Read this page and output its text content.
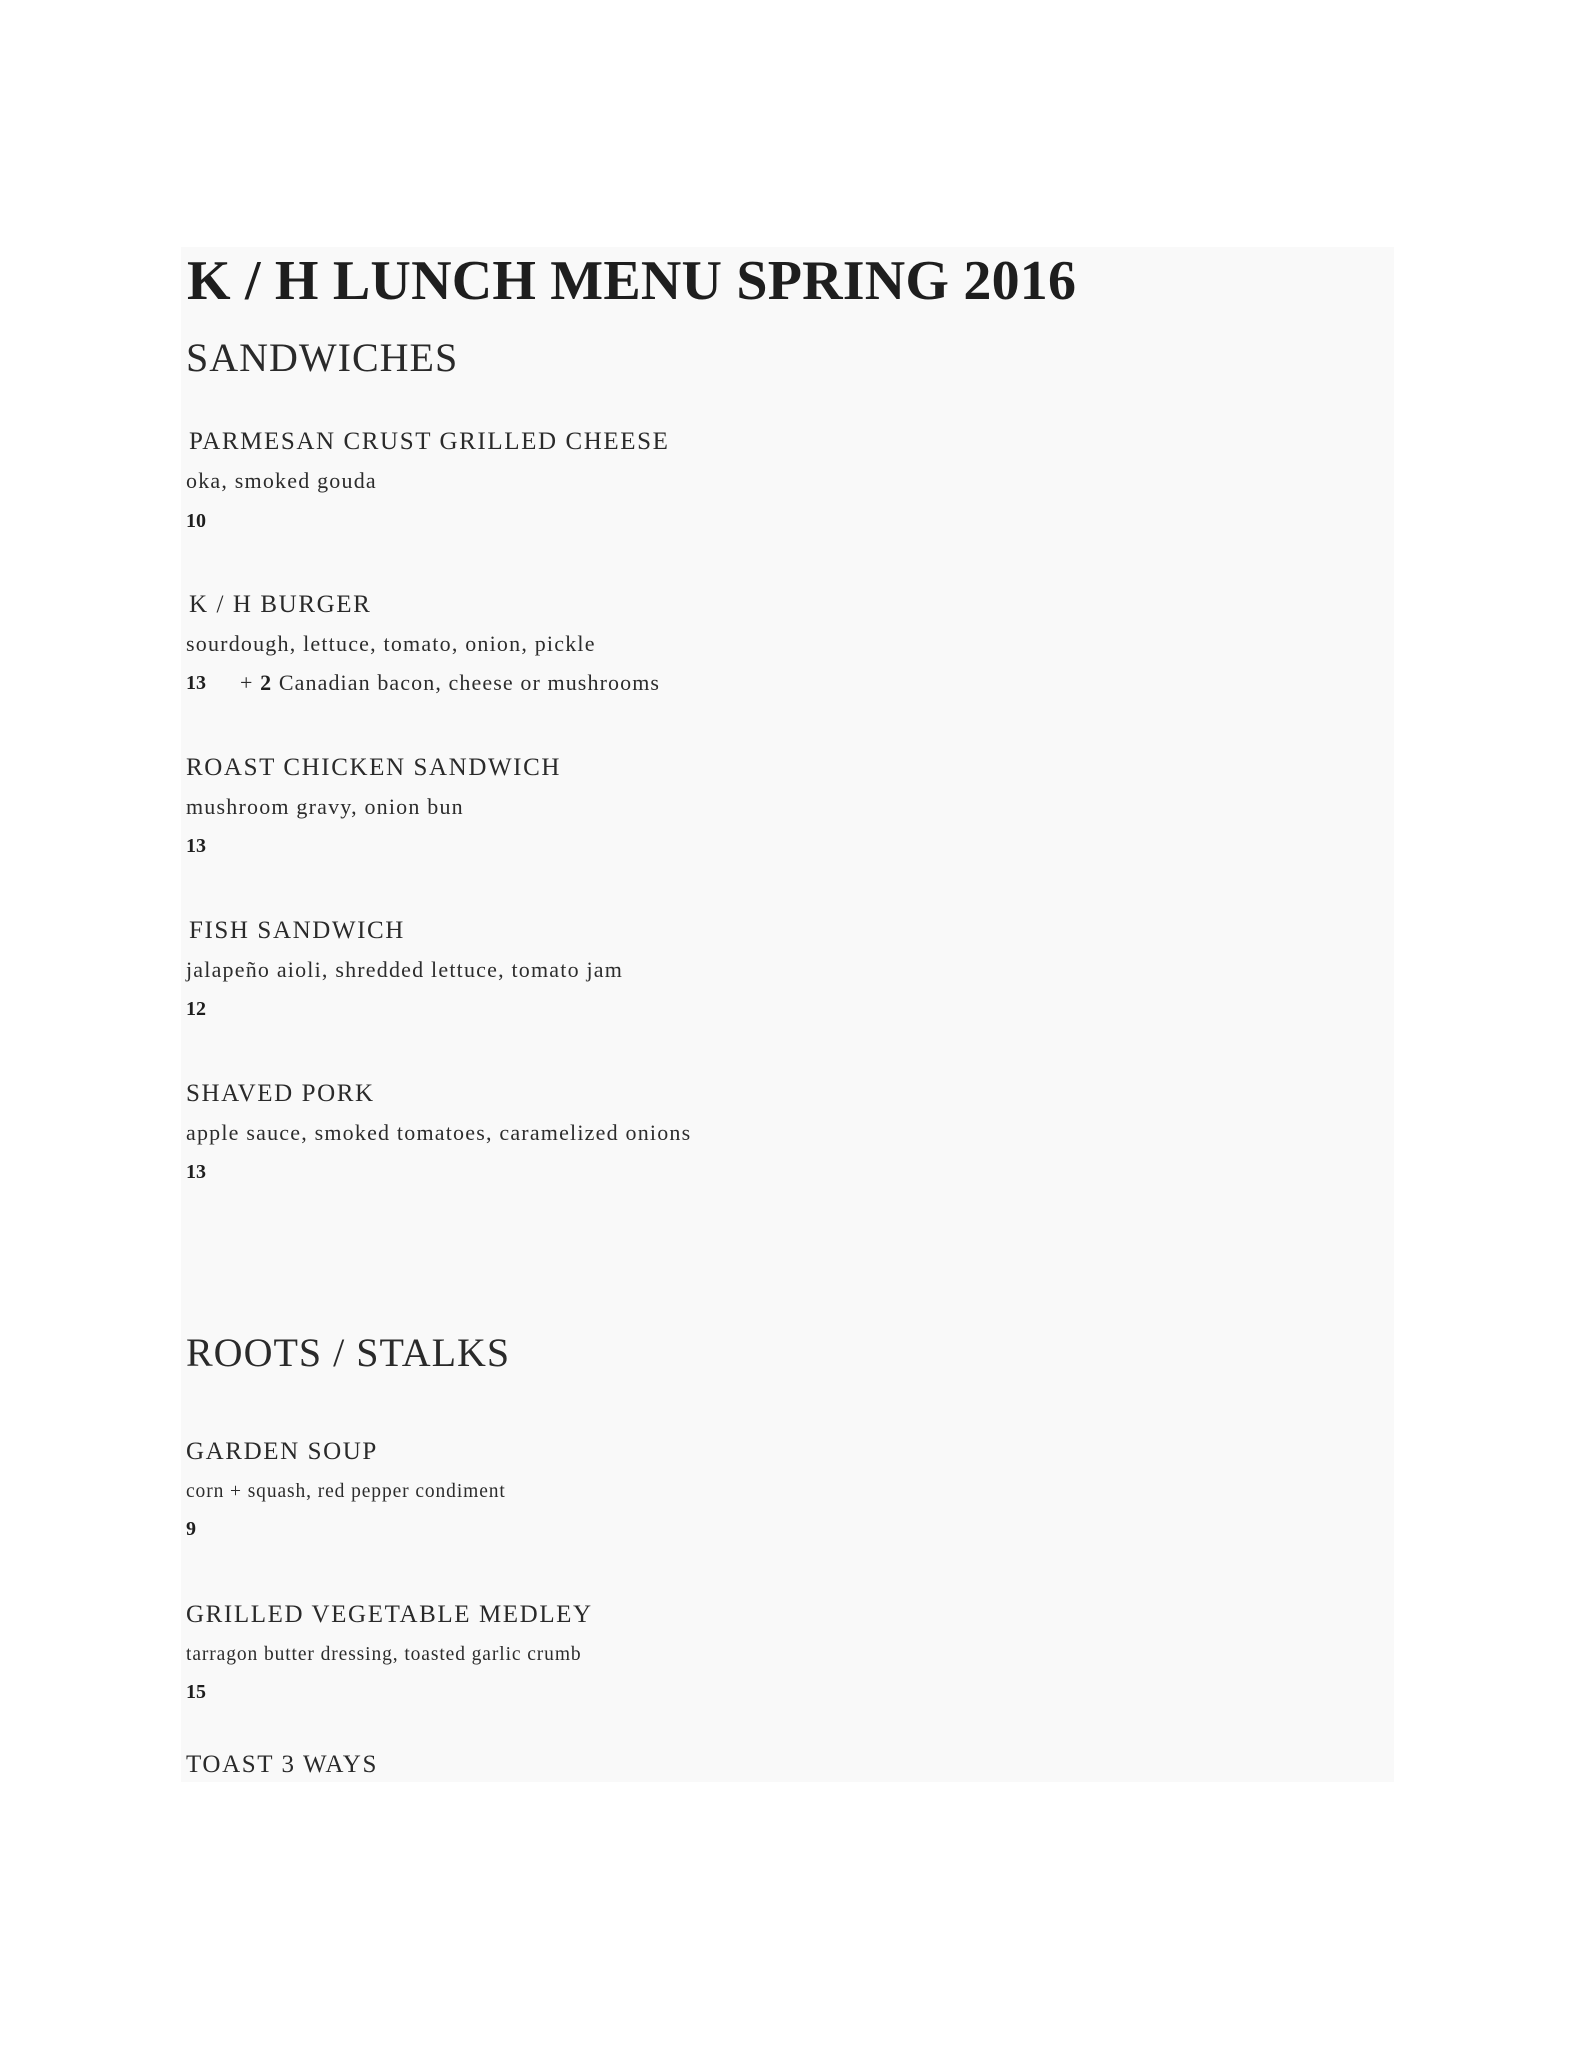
K / H LUNCH MENU SPRING 2016
SANDWICHES
PARMESAN CRUST GRILLED CHEESE
oka, smoked gouda
10
K / H BURGER
sourdough, lettuce, tomato, onion, pickle
13 + 2 Canadian bacon, cheese or mushrooms
ROAST CHICKEN SANDWICH
mushroom gravy, onion bun
13
FISH SANDWICH
jalapeño aioli, shredded lettuce, tomato jam
12
SHAVED PORK
apple sauce, smoked tomatoes, caramelized onions
13
ROOTS / STALKS
GARDEN SOUP
corn + squash, red pepper condiment
9
GRILLED VEGETABLE MEDLEY
tarragon butter dressing, toasted garlic crumb
15
TOAST 3 WAYS
